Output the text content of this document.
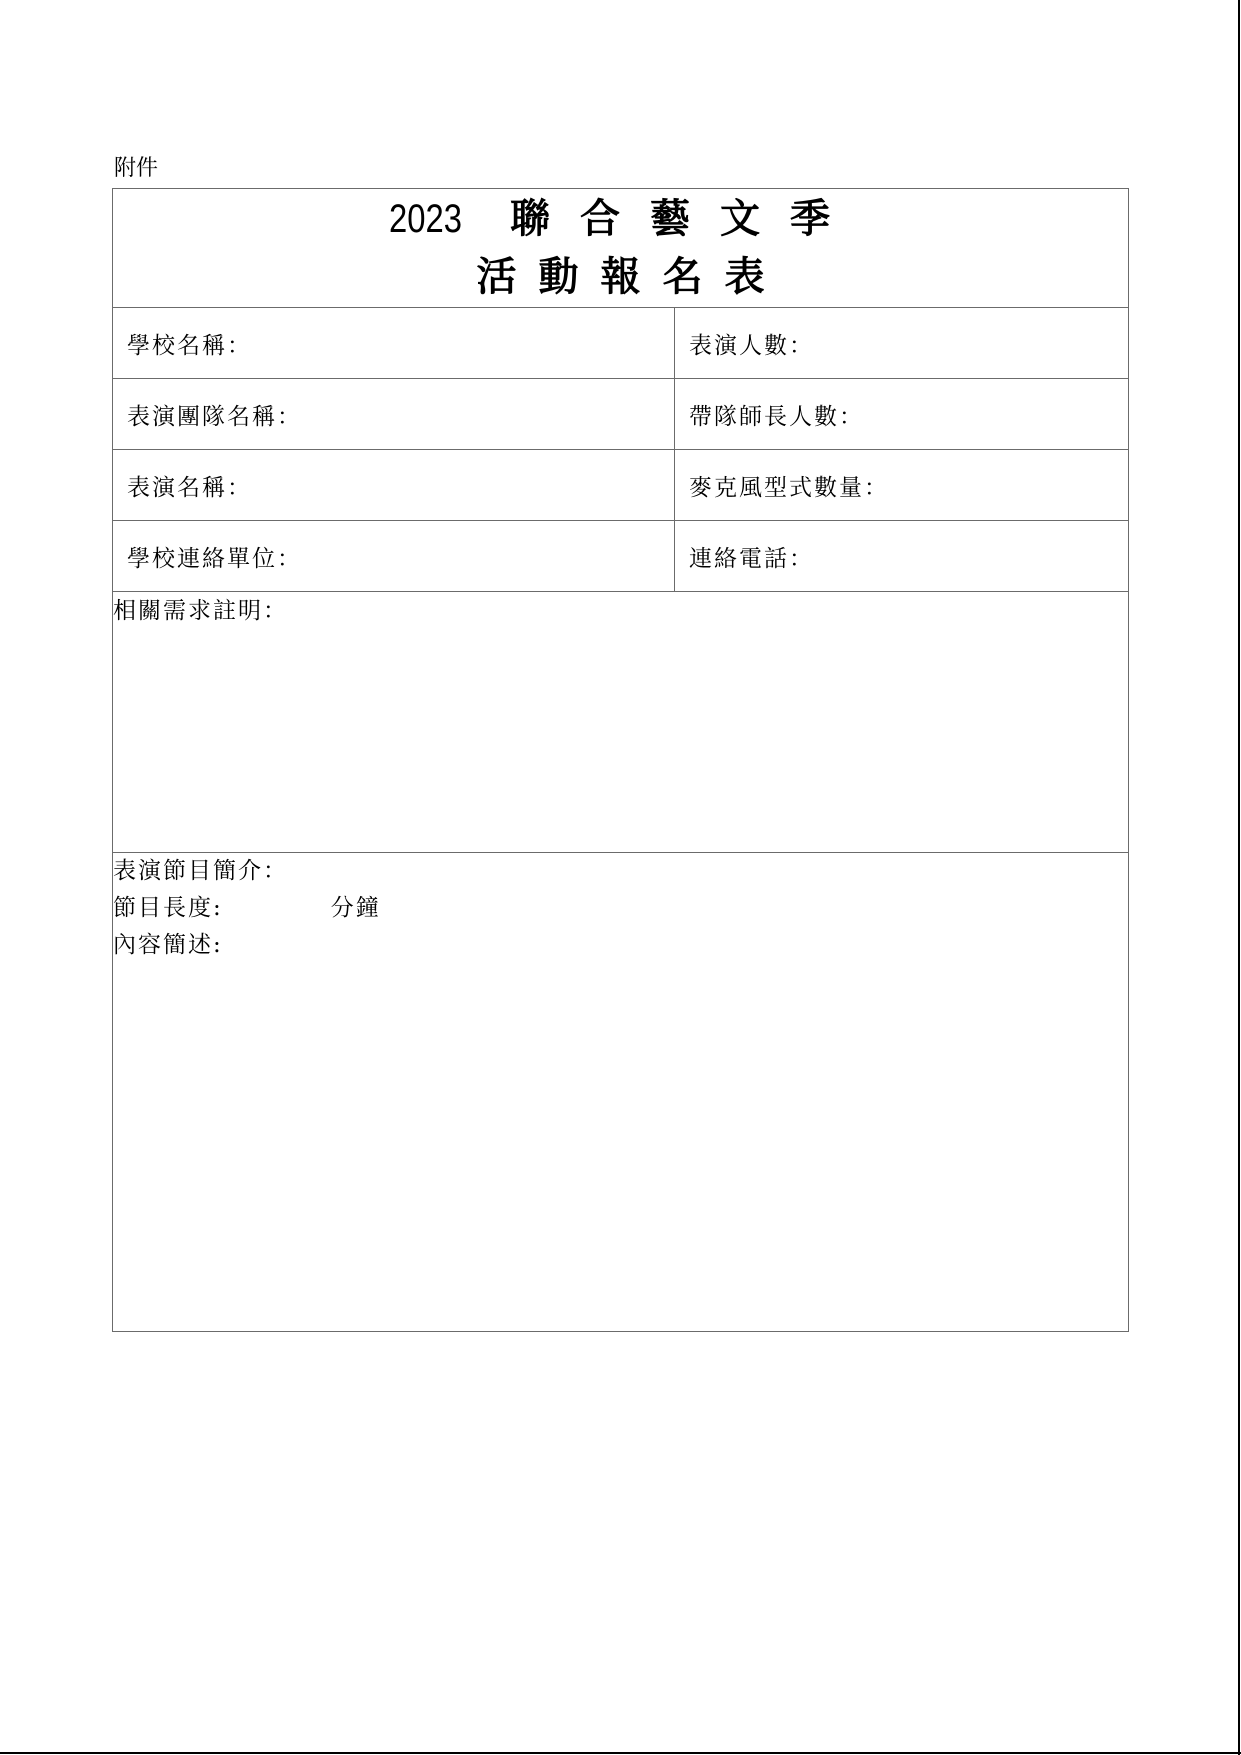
附件
2023 聯合藝文季
活動報名表	

學校名稱：	表演人數：
表演團隊名稱：	帶隊師長人數：
表演名稱：	麥克風型式數量：
學校連絡單位：	連絡電話：
相關需求註明：	

表演節目簡介：
節目長度: 分鐘
內容簡述:	
